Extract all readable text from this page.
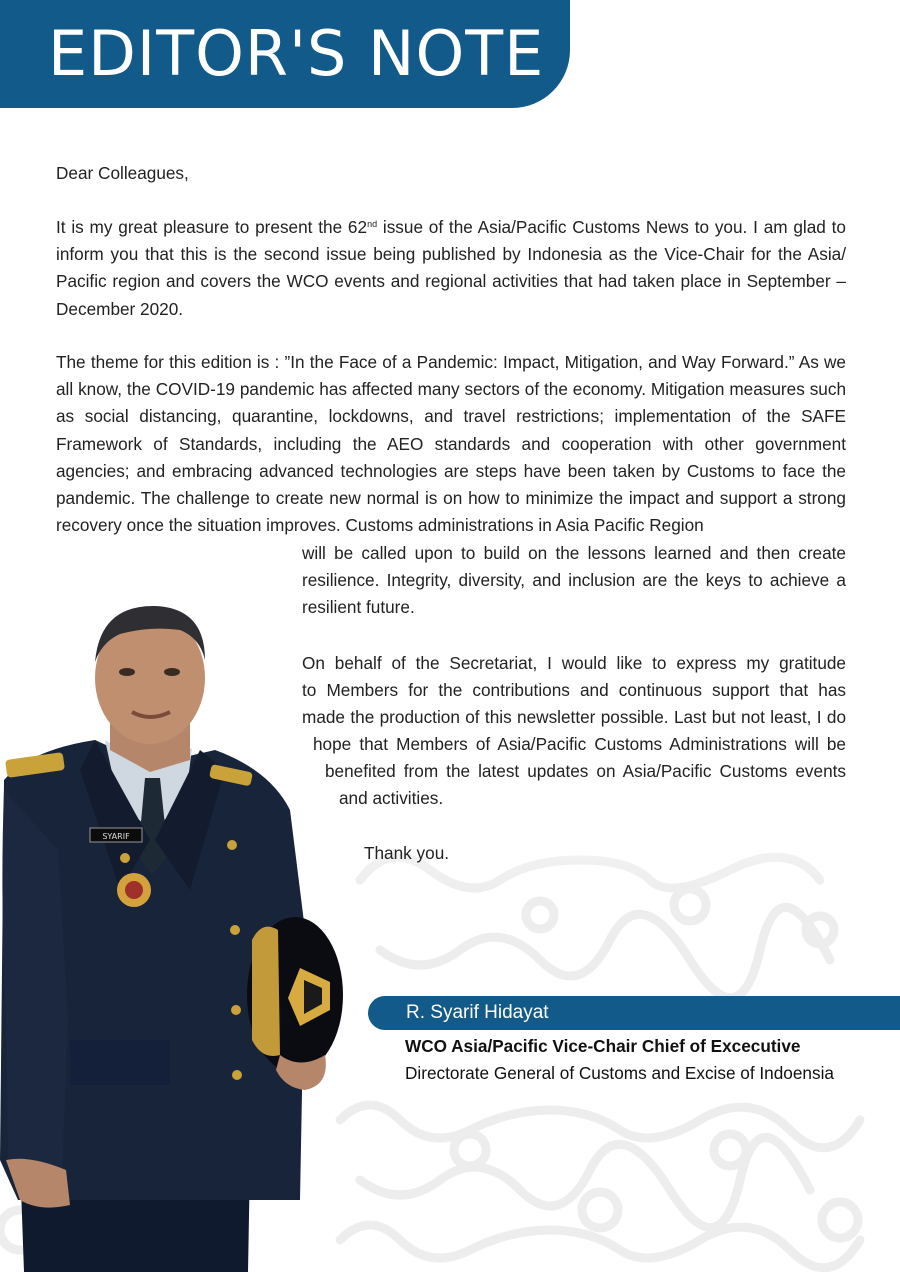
EDITOR'S NOTE
Dear Colleagues,

It is my great pleasure to present the 62nd issue of the Asia/Pacific Customs News to you. I am glad to inform you that this is the second issue being published by Indonesia as the Vice-Chair for the Asia/ Pacific region and covers the WCO events and regional activities that had taken place in September – December 2020.

The theme for this edition is : ”In the Face of a Pandemic: Impact, Mitigation, and Way Forward.” As we all know, the COVID-19 pandemic has affected many sectors of the economy. Mitigation measures such as social distancing, quarantine, lockdowns, and travel restrictions; implementation of the SAFE Framework of Standards, including the AEO standards and cooperation with other government agencies; and embracing advanced technologies are steps have been taken by Customs to face the pandemic. The challenge to create new normal is on how to minimize the impact and support a strong recovery once the situation improves. Customs administrations in Asia Pacific Region

will be called upon to build on the lessons learned and then create resilience. Integrity, diversity, and inclusion are the keys to achieve a resilient future.

On behalf of the Secretariat, I would like to express my gratitude
to Members for the contributions and continuous support that has
made the production of this newsletter possible. Last but not least, I do
hope that Members of Asia/Pacific Customs Administrations will be
benefited from the latest updates on Asia/Pacific Customs events
and activities.
Thank you.
R. Syarif Hidayat
WCO Asia/Pacific Vice-Chair Chief of Excecutive
Directorate General of Customs and Excise of Indoensia
SYARIF
